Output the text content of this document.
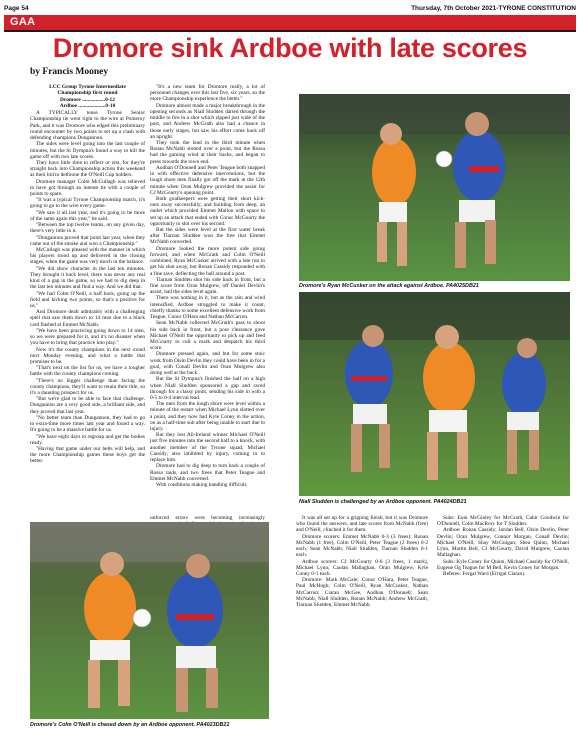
Page 54	Thursday, 7th October 2021-TYRONE CONSTITUTION
GAA
Dromore sink Ardboe with late scores
by Francis Mooney
LCC Group Tyrone Intermediate
Championship first round
Dromore .................0-12
Ardboe ....................0-10

A TYPICALLY tense Tyrone Senior Championship tie went right to the wire at Pomeroy Park, and it was Dromore who edged this preliminary round encounter by two points to set up a clash with defending champions Dungannon.

The sides were level going into the last couple of minutes, but the St Dympna's found a way to kill the game off with two late scores.

They have little time to reflect or rest, for they're straight back into Championship action this weekend as their bid to dethrone the O'Neill Cup holders.

Dromore manager Colm McCullagh was relieved to have got through an intense tie with a couple of points to spare.

"It was a typical Tyrone Championship match, it's going to go to the wire every game.

"We saw it all last year, and it's going to be more of the same again this year," he said.

"Between the top twelve teams, on any given day, there's very little in it.

"Dungannon proved that point last year, when they came out of the smoke and won a Championship."

McCullagh was pleased with the manner in which his players stood up and delivered in the closing stages, when the game was very much in the balance.

"We did show character in the last ten minutes. They brought it back level, there was never any real kind of a gap in the game, so we had to dig deep in the last ten minutes and find a way. And we did that.

"We had Colm O'Neill, a half back, going up the field and kicking two points, so that's a positive for us."

And Dromore dealt admirably with a challenging spell that saw them down to 14 men due to a black card flashed at Emmet McNabb.

"We have been practicing going down to 14 men, so we were prepared for it, and it's no disaster when you have to bring that practice into play."

Now it's the county champions in the next round next Monday evening, and what a battle that promises to be.

"That's next on the list for us, we have a tougher battle with the county champions coming.

"There's no bigger challenge than facing the county champions, they'll want to retain their title, so it's a daunting prospect for us.

"But we're glad to be able to face that challenge. Dungannon are a very good side, a brilliant side, and they proved that last year.

"No better team than Dungannon, they had to go to extra-time more times last year and found a way. It's going to be a massive battle for us.

"We have eight days to regroup and get the bodies ready.

"Having that game under our belts will help, and the more Championship games these boys get the better.

"It's a new team for Dromore really, a lot of personnel changes over this last five, six years, so the more Championship experience the better."

Dromore almost made a major breakthrough in the opening seconds as Niall Sludden darted through the middle to fire in a shot which zipped just wide of the post, and Andrew McGrath also had a chance in those early stages, but saw his effort come back off an upright.

They took the lead in the third minute when Ronan McNabb slotted over a point, but the Rossa had the gaming wind at their backs, and began to press towards the town end.

Aodhan O'Donnell and Peter Teague both snapped in with effective defensive interventions, but the lough shore men finally got off the mark in the 12th minute when Oran Mulgrew provided the assist for CJ McGourty's opening point.

Both goalkeepers were getting their short kick-outs away successfully, and building from deep, an outlet which provided Emmet Mallon with space to set up an attack that ended with Conor McGourty the opportunity to slot over his second.

But the sides were level at the first water break after Tiarnan Sludden won the free that Emmet McNabb converted.

Dromore looked the more potent side going forward, and when McGrath and Colm O'Neill combined, Ryan McCusker arrived with a late run to get his shot away, but Ronan Cassidy responded with a fine save, deflecting the ball around a post.

Tiarnan Sludden shot his side back in front, but a fine score from Oran Mulgrew, off Daniel Devlin's assist, had the sides level again.

There was nothing in it, but as the rain and wind intensified, Ardboe struggled to make it count, chiefly thanks to some excellent defensive work from Teague, Conor O'Hara and Nathan McCarron.

Sean McNabb collected McGrath's pass to shoot his side back in front, but a poor clearance gave Michael O'Neill the opportunity to pick up and feed McGourty to cull a mark and despatch his third score.

Dromore pressed again, and but for some stoic work from Oisin Devlin they could have been in for a goal, with Conall Devlin and Oran Mulgrew also doing well at the back.

But the St Dympna's finished the half on a high when Niall Sludden sponsored a gap and raced through for a classy point, sending his side in with a 0-5 to 0-4 interval lead.

The men from the lough shore were level within a minute of the restart when Michael Lynn slotted over a point, and they now had Kyle Coney in the action, on as a half-time sub after being unable to start due to injury.

But they lost All-Ireland winner Michael O'Neill just five minutes into the second half to a knock, with another member of the Tyrone squad, Michael Cassidy, also inhibited by injury, coming in to replace him.

Dromore had to dig deep to turn back a couple of Rossa raids, and two frees that Peter Teague and Emmet McNabb converted.

With conditions making handling difficult,

unforced errors were becoming increasingly	It was all set up for a gripping finish, but it was Dromore who found the answers, and late scores from McNabb (free) and O'Neill, clinched it for them.

Dromore scorers: Emmet McNabb 0-3 (3 frees); Ronan McNabb (1 free), Colm O'Neill, Peter Teague (2 frees) 0-2 each, Sean McNabb, Niall Sludden, Tiarnan Sludden 0-1 each.

Ardboe scorers: CJ McGourty 0-6 (3 frees, 1 mark), Michael Lynn, Caolan Mallaghan, Oran Mulgrew, Kyle Coney 0-1 each.

Dromore: Mark McGale; Conor O'Hara, Peter Teague, Paul McHugh; Colm O'Neill, Ryan McCusker, Nathan McCarron; Ciaran McGee, Aodhan O'Donnell; Sean McNabb, Niall Sludden, Ronan McNabb; Andrew McGrath, Tiarnan Sludden, Emmet McNabb.

Subs: Eoin McGinley for McGrath, Cahir Goodwin for O'Donnell, Colm MacRory for T Sludden.

Ardboe: Ronan Cassidy; Jordan Bell, Oisin Devlin, Peter Devlin; Oran Mulgrew, Connor Morgan, Conall Devlin; Michael O'Neill, Shay McGuigan; Shea Quinn, Michael Lynn, Martin Bell, CJ McGourty, David Mulgrew, Caolan Mallaghan.

Subs: Kyle Coney for Quinn, Michael Cassidy for O'Neill, Eugene Og Teague for M Bell, Kevin Coney for Morgan.

Referee: Fergal Ward (Errigal Ciaran).

Dromore's Ryan McCusker on the attack against Ardboe. PA4025DB21
Niall Sludden is challenged by an Ardboe opponent. PA4024DB21
Dromore's Colm O'Neill is chased down by an Ardboe opponent. PA4023DB21
